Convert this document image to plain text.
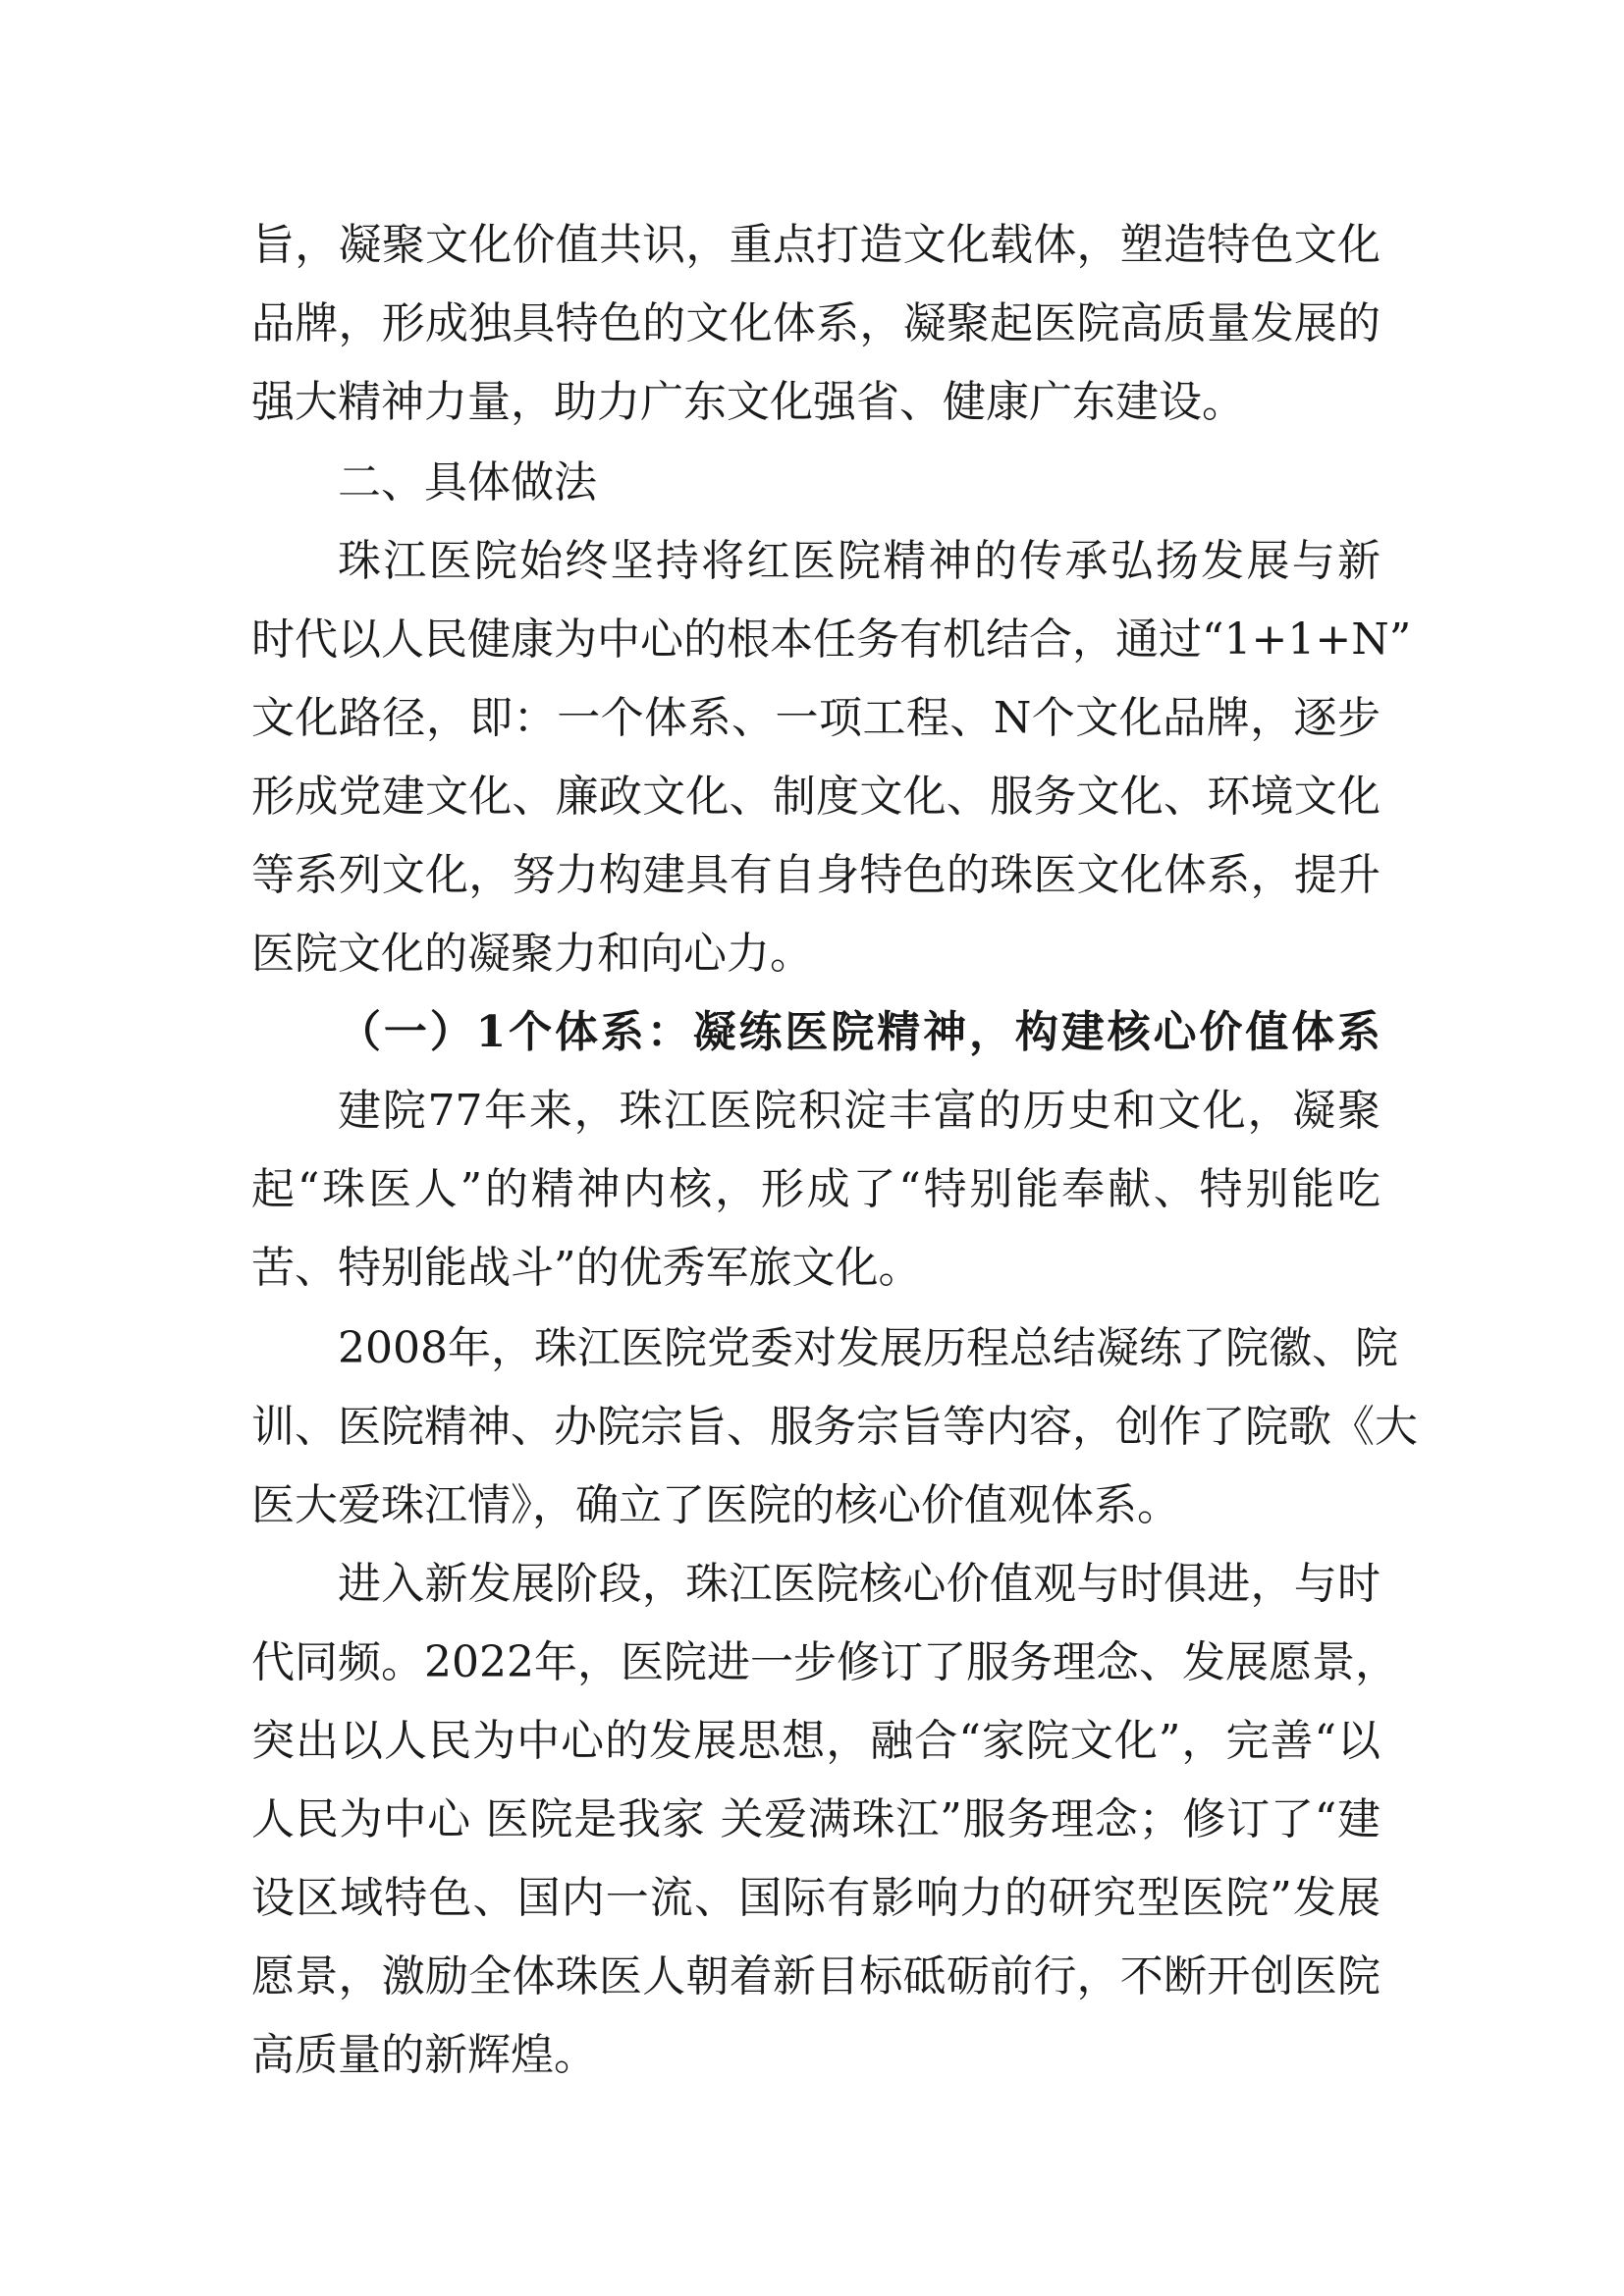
旨，凝聚文化价值共识，重点打造文化载体，塑造特色文化
品牌，形成独具特色的文化体系，凝聚起医院高质量发展的
强大精神力量，助力广东文化强省、健康广东建设。
二、具体做法
珠江医院始终坚持将红医院精神的传承弘扬发展与新
时代以人民健康为中心的根本任务有机结合，通过“1+1+N”
文化路径，即：一个体系、一项工程、N个文化品牌，逐步
形成党建文化、廉政文化、制度文化、服务文化、环境文化
等系列文化，努力构建具有自身特色的珠医文化体系，提升
医院文化的凝聚力和向心力。
（一）1个体系：凝练医院精神，构建核心价值体系
建院77年来，珠江医院积淀丰富的历史和文化，凝聚
起“珠医人”的精神内核，形成了“特别能奉献、特别能吃
苦、特别能战斗”的优秀军旅文化。
2008年，珠江医院党委对发展历程总结凝练了院徽、院
训、医院精神、办院宗旨、服务宗旨等内容，创作了院歌《大
医大爱珠江情》，确立了医院的核心价值观体系。
进入新发展阶段，珠江医院核心价值观与时俱进，与时
代同频。2022年，医院进一步修订了服务理念、发展愿景，
突出以人民为中心的发展思想，融合“家院文化”，完善“以
人民为中心 医院是我家 关爱满珠江”服务理念；修订了“建
设区域特色、国内一流、国际有影响力的研究型医院”发展
愿景，激励全体珠医人朝着新目标砥砺前行，不断开创医院
高质量的新辉煌。
